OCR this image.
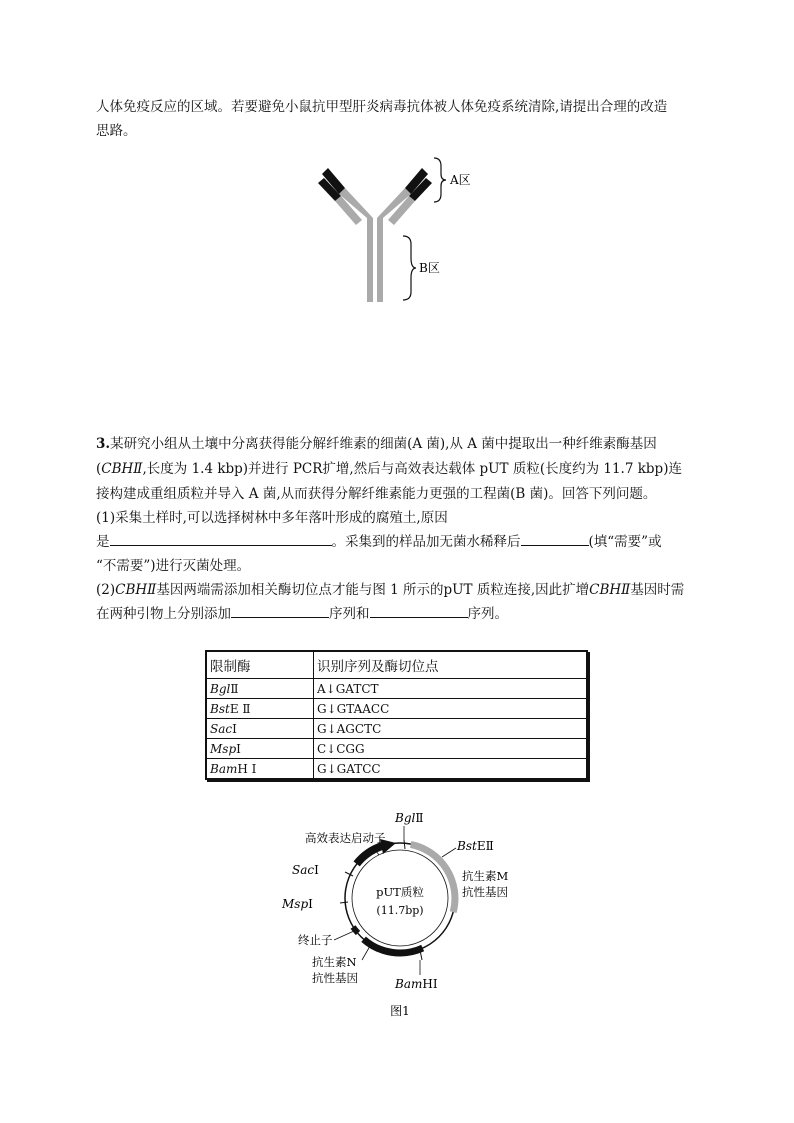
人体免疫反应的区域。若要避免小鼠抗甲型肝炎病毒抗体被人体免疫系统清除,请提出合理的改造
思路。
A区
B区
3.某研究小组从土壤中分离获得能分解纤维素的细菌(A 菌),从 A 菌中提取出一种纤维素酶基因
(CBHⅡ,长度为 1.4 kbp)并进行 PCR扩增,然后与高效表达载体 pUT 质粒(长度约为 11.7 kbp)连
接构建成重组质粒并导入 A 菌,从而获得分解纤维素能力更强的工程菌(B 菌)。回答下列问题。
(1)采集土样时,可以选择树林中多年落叶形成的腐殖土,原因
是	。采集到的样品加无菌水稀释后	(填“需要”或
“不需要”)进行灭菌处理。
(2)CBHⅡ基因两端需添加相关酶切位点才能与图 1 所示的pUT 质粒连接,因此扩增CBHⅡ基因时需
在两种引物上分别添加	序列和	序列。
限制酶	识别序列及酶切位点
BglⅡ	A↓GATCT
BstE Ⅱ	G↓GTAACC
SacⅠ	G↓AGCTC
MspⅠ	C↓CGG
BamH Ⅰ	G↓GATCC
pUT质粒
(11.7bp)
高效表达启动子
BglⅡ
BstEⅡ
抗生素M
抗性基因
SacⅠ
MspⅠ
终止子
抗生素N
抗性基因	BamHⅠ
图1
